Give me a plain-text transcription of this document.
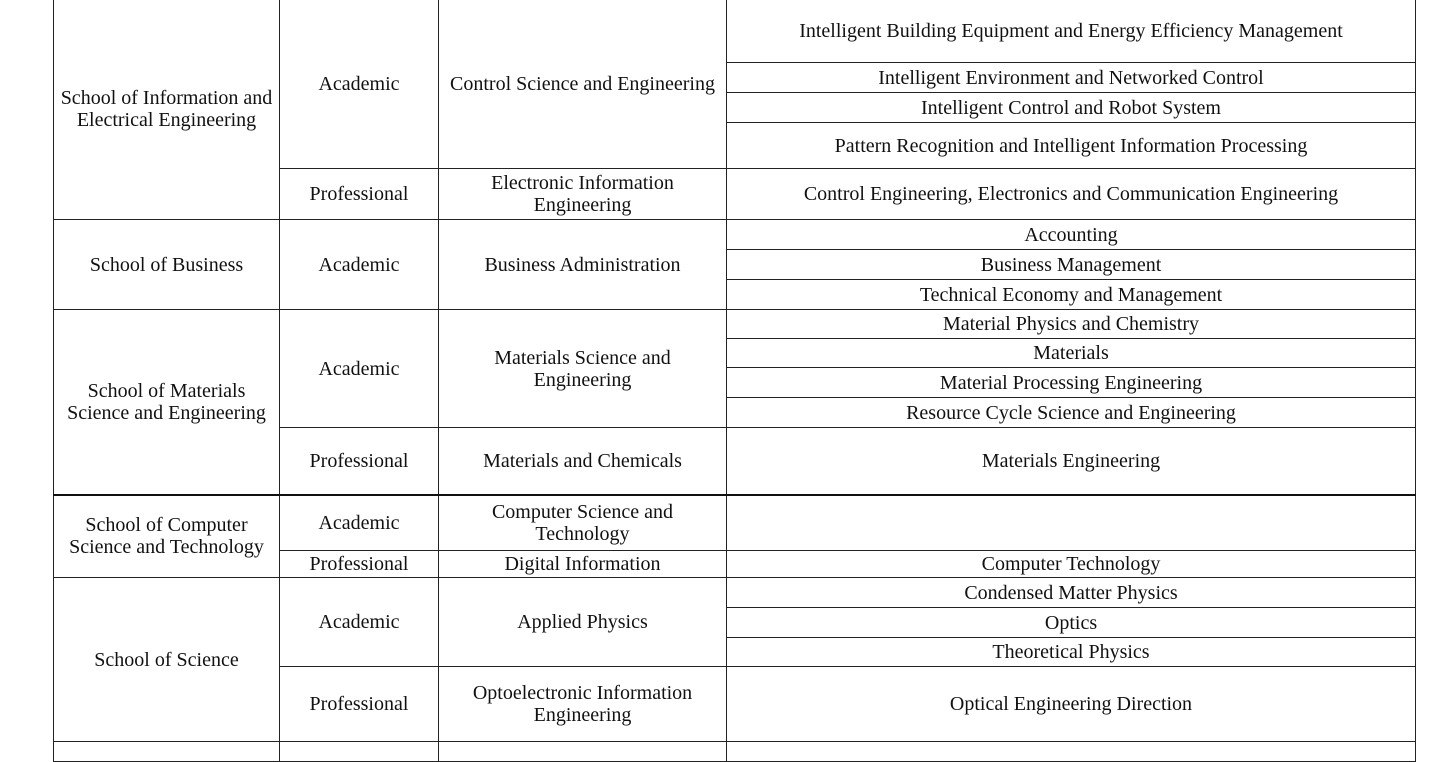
School of Information and Electrical Engineering	Academic	Control Science and Engineering	Intelligent Building Equipment and Energy Efficiency Management
			Intelligent Environment and Networked Control
			Intelligent Control and Robot System
			Pattern Recognition and Intelligent Information Processing
	Professional	Electronic Information Engineering	Control Engineering, Electronics and Communication Engineering
School of Business	Academic	Business Administration	Accounting
			Business Management
			Technical Economy and Management
School of Materials Science and Engineering	Academic	Materials Science and Engineering	Material Physics and Chemistry
			Materials
			Material Processing Engineering
			Resource Cycle Science and Engineering
	Professional	Materials and Chemicals	Materials Engineering
School of Computer Science and Technology	Academic	Computer Science and Technology	
	Professional	Digital Information	Computer Technology
School of Science	Academic	Applied Physics	Condensed Matter Physics
			Optics
			Theoretical Physics
	Professional	Optoelectronic Information Engineering	Optical Engineering Direction
